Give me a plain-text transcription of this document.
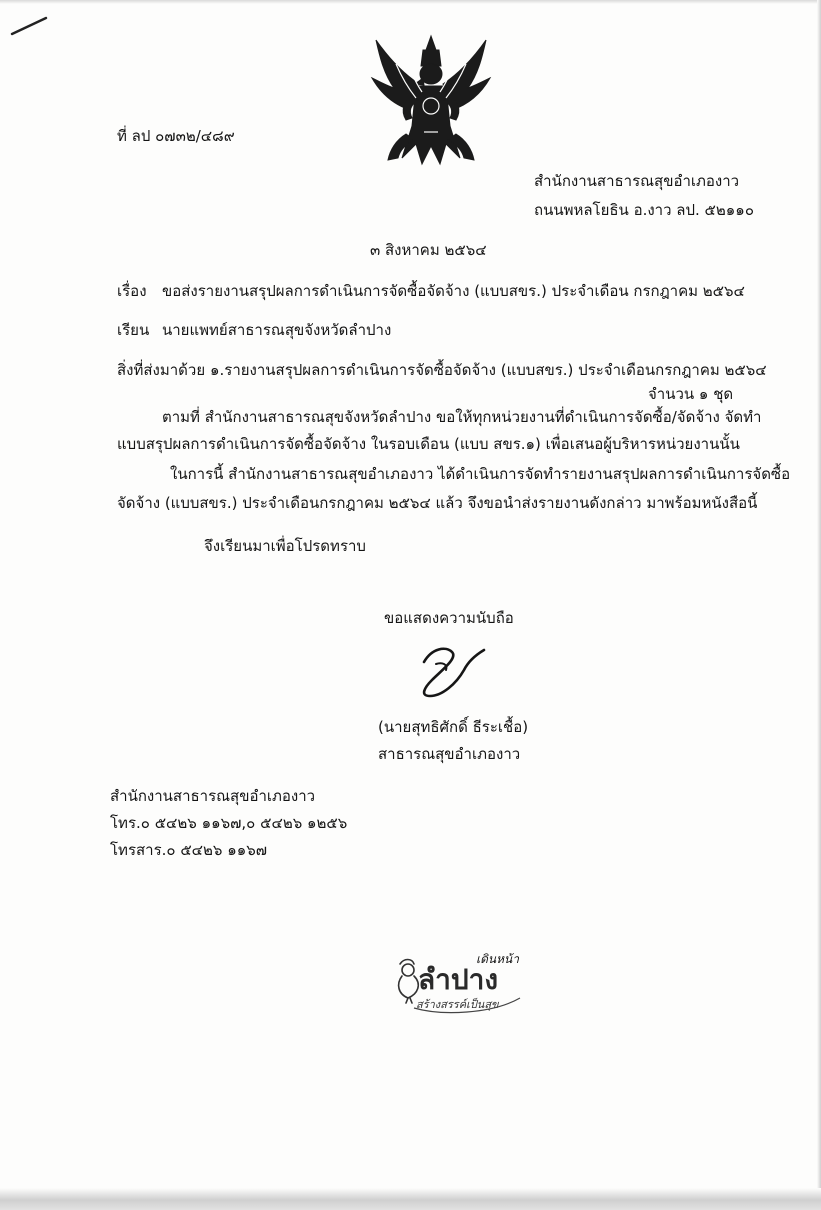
ที่ ลป ๐๗๓๒/๔๘๙
สำนักงานสาธารณสุขอำเภองาว
ถนนพหลโยธิน อ.งาว ลป. ๕๒๑๑๐
๓ สิงหาคม ๒๕๖๔
เรื่อง ขอส่งรายงานสรุปผลการดำเนินการจัดซื้อจัดจ้าง (แบบสขร.) ประจำเดือน กรกฎาคม ๒๕๖๔
เรียน นายแพทย์สาธารณสุขจังหวัดลำปาง
สิ่งที่ส่งมาด้วย ๑.รายงานสรุปผลการดำเนินการจัดซื้อจัดจ้าง (แบบสขร.) ประจำเดือนกรกฎาคม ๒๕๖๔
จำนวน ๑ ชุด
ตามที่ สำนักงานสาธารณสุขจังหวัดลำปาง ขอให้ทุกหน่วยงานที่ดำเนินการจัดซื้อ/จัดจ้าง จัดทำ
แบบสรุปผลการดำเนินการจัดซื้อจัดจ้าง ในรอบเดือน (แบบ สขร.๑) เพื่อเสนอผู้บริหารหน่วยงานนั้น
ในการนี้ สำนักงานสาธารณสุขอำเภองาว ได้ดำเนินการจัดทำรายงานสรุปผลการดำเนินการจัดซื้อ
จัดจ้าง (แบบสขร.) ประจำเดือนกรกฎาคม ๒๕๖๔ แล้ว จึงขอนำส่งรายงานดังกล่าว มาพร้อมหนังสือนี้
จึงเรียนมาเพื่อโปรดทราบ
ขอแสดงความนับถือ
(นายสุทธิศักดิ์ ธีระเชื้อ)
สาธารณสุขอำเภองาว
สำนักงานสาธารณสุขอำเภองาว
โทร.๐ ๕๔๒๖ ๑๑๖๗,๐ ๕๔๒๖ ๑๒๕๖
โทรสาร.๐ ๕๔๒๖ ๑๑๖๗
เดินหน้า
ลำปาง
สร้างสรรค์เป็นสุข
